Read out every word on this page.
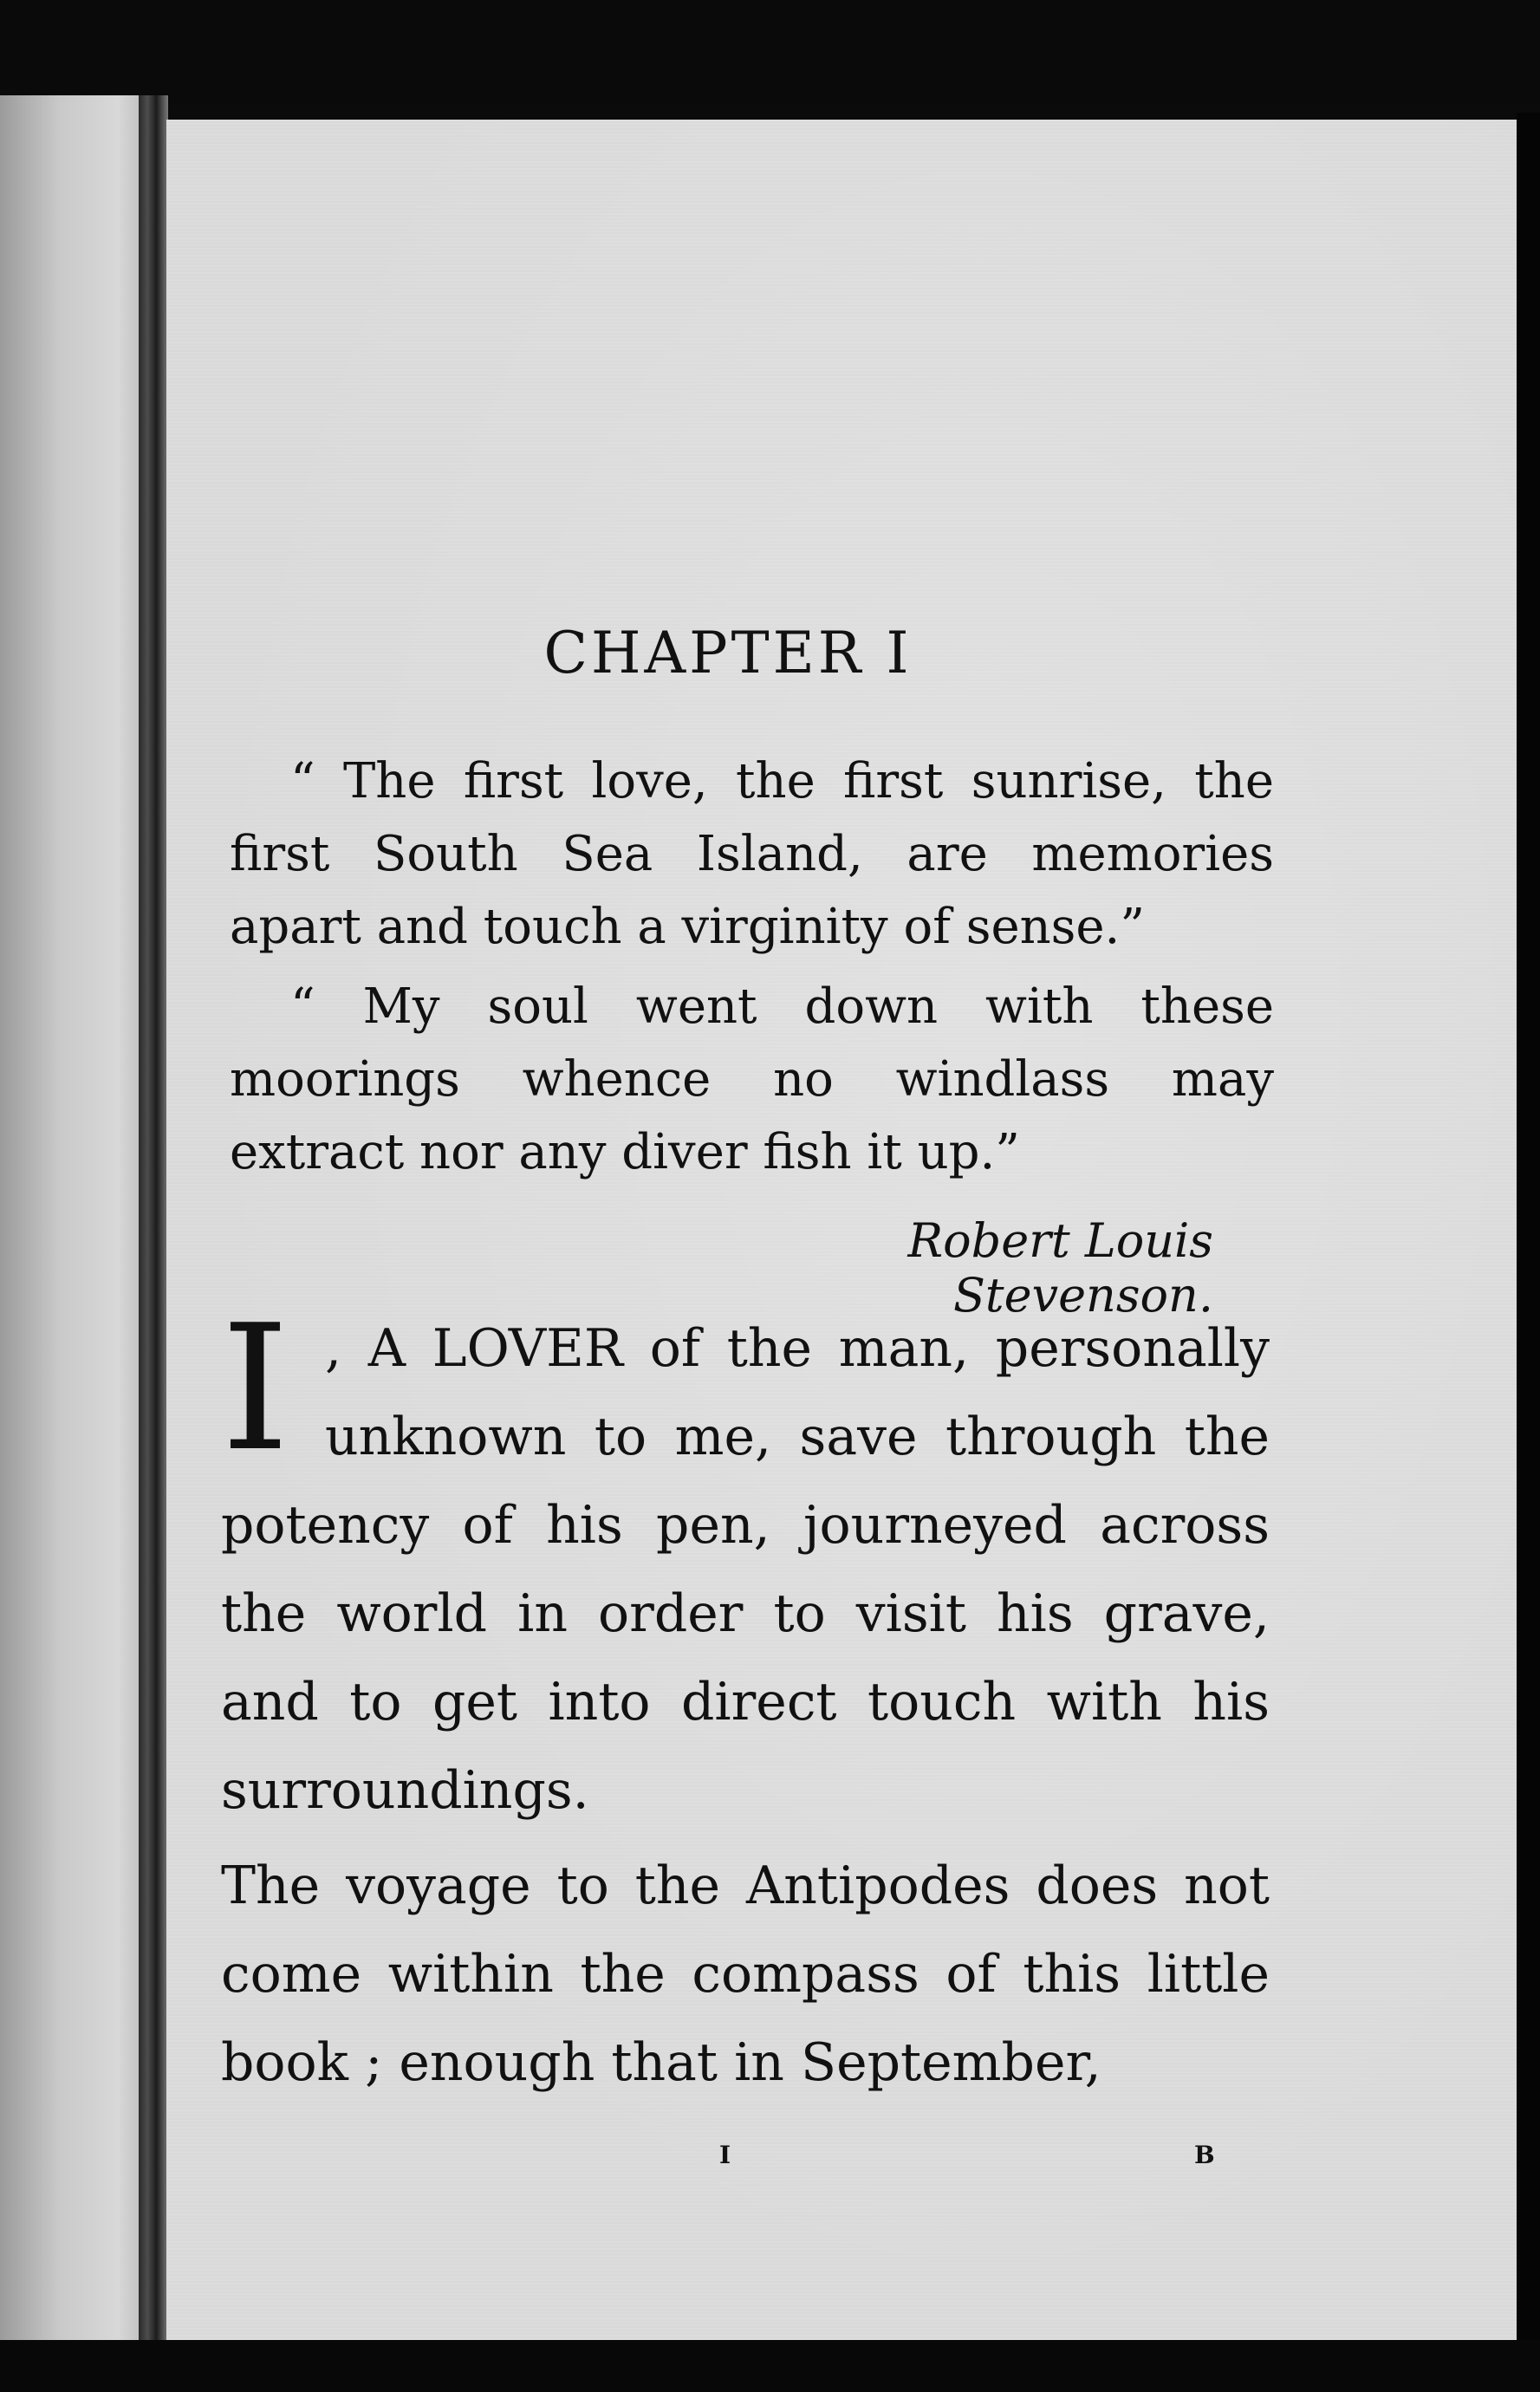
CHAPTER I
“ The first love, the first sunrise, the first South Sea Island, are memories apart and touch a virginity of sense.”
“ My soul went down with these moorings whence no windlass may extract nor any diver fish it up.”
Robert Louis Stevenson.
I , A LOVER of the man, personally unknown to me, save through the potency of his pen, journeyed across the world in order to visit his grave, and to get into direct touch with his surroundings.
The voyage to the Antipodes does not come within the compass of this little book ; enough that in September,
I	B
